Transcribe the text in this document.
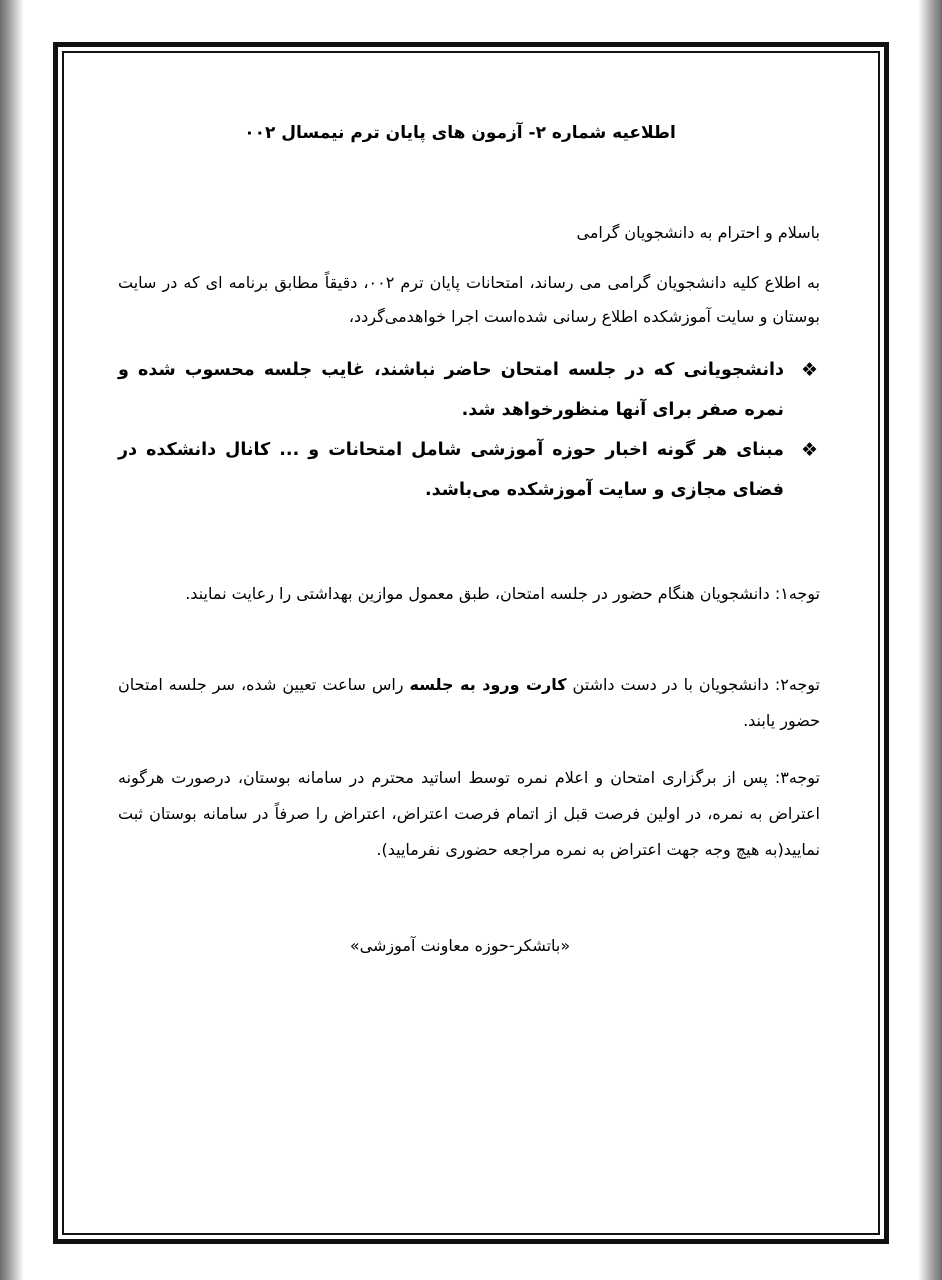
اطلاعیه شماره ۲- آزمون های پایان ترم نیمسال ۰۰۲
باسلام و احترام به دانشجویان گرامی
به اطلاع کلیه دانشجویان گرامی می رساند، امتحانات پایان ترم ۰۰۲، دقیقاً مطابق برنامه ای که در سایت بوستان و سایت آموزشکده اطلاع رسانی شده‌است اجرا خواهدمی‌گردد،
❖
دانشجویانی که در جلسه امتحان حاضر نباشند، غایب جلسه محسوب شده و نمره صفر برای آنها منظورخواهد شد.
❖
مبنای هر گونه اخبار حوزه آموزشی شامل امتحانات و ... کانال دانشکده در فضای مجازی و سایت آموزشکده می‌باشد.
توجه۱: دانشجویان هنگام حضور در جلسه امتحان، طبق معمول موازین بهداشتی را رعایت نمایند.
توجه۲: دانشجویان با در دست داشتن کارت ورود به جلسه راس ساعت تعیین شده، سر جلسه امتحان حضور یابند.
توجه۳: پس از برگزاری امتحان و اعلام نمره توسط اساتید محترم در سامانه بوستان، درصورت هرگونه اعتراض به نمره، در اولین فرصت قبل از اتمام فرصت اعتراض، اعتراض را صرفاً در سامانه بوستان ثبت نمایید(به هیچ وجه جهت اعتراض به نمره مراجعه حضوری نفرمایید).
«باتشکر-حوزه معاونت آموزشی»
